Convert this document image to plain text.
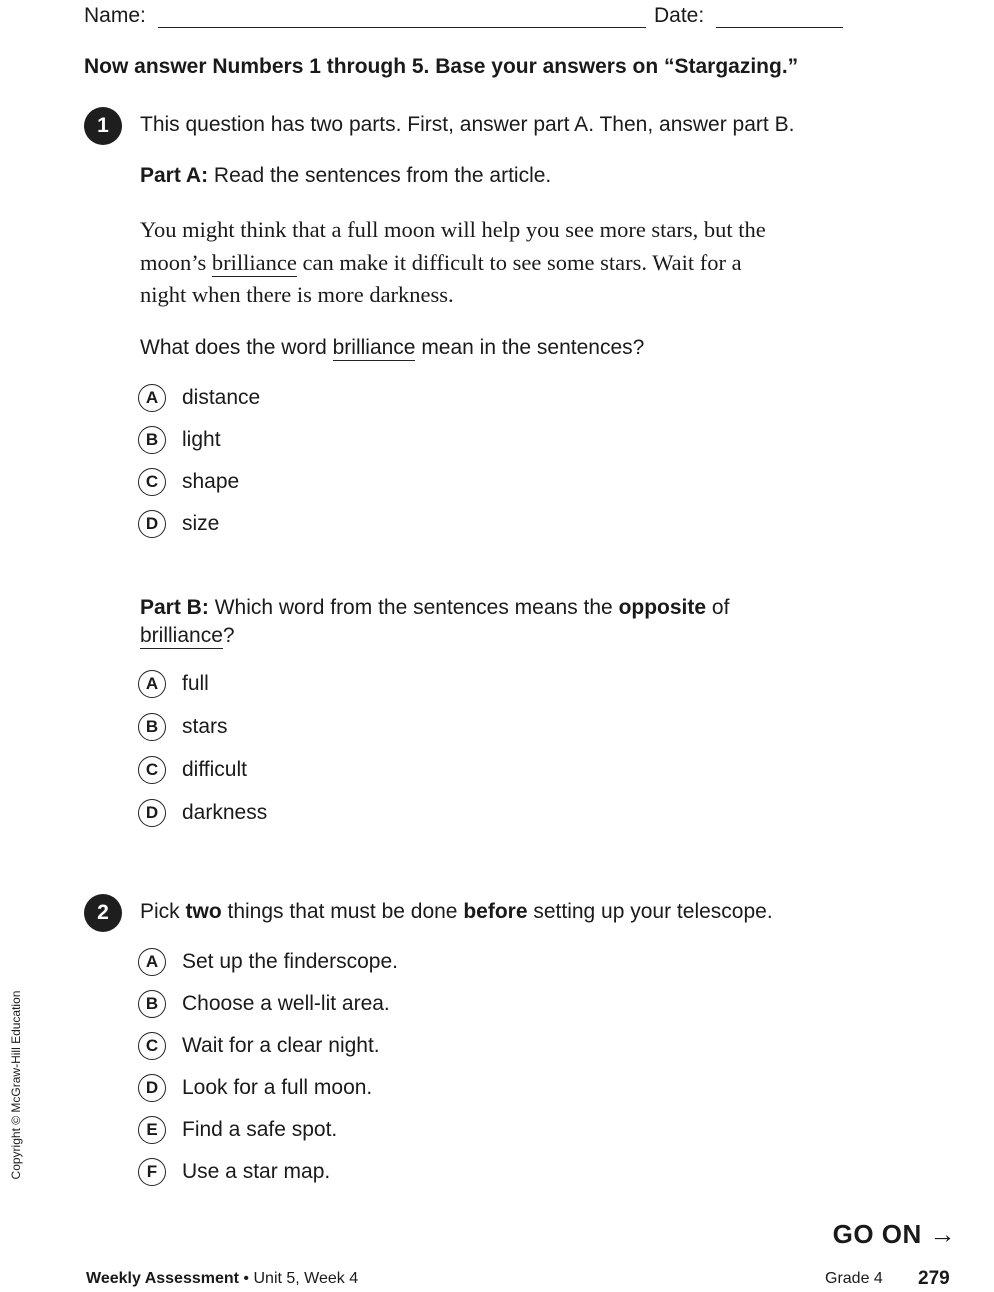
Name:	Date:
Now answer Numbers 1 through 5. Base your answers on “Stargazing.”
1	This question has two parts. First, answer part A. Then, answer part B.
Part A: Read the sentences from the article.
You might think that a full moon will help you see more stars, but the
moon’s brilliance can make it difficult to see some stars. Wait for a
night when there is more darkness.
What does the word brilliance mean in the sentences?
A	distance
B	light
C	shape
D	size
Part B: Which word from the sentences means the opposite of
brilliance?
A	full
B	stars
C	difficult
D	darkness
2	Pick two things that must be done before setting up your telescope.
A	Set up the finderscope.
B	Choose a well-lit area.
C	Wait for a clear night.
D	Look for a full moon.
E	Find a safe spot.
F	Use a star map.
Copyright © McGraw-Hill Education
GO ON →
Weekly Assessment • Unit 5, Week 4	Grade 4 279
